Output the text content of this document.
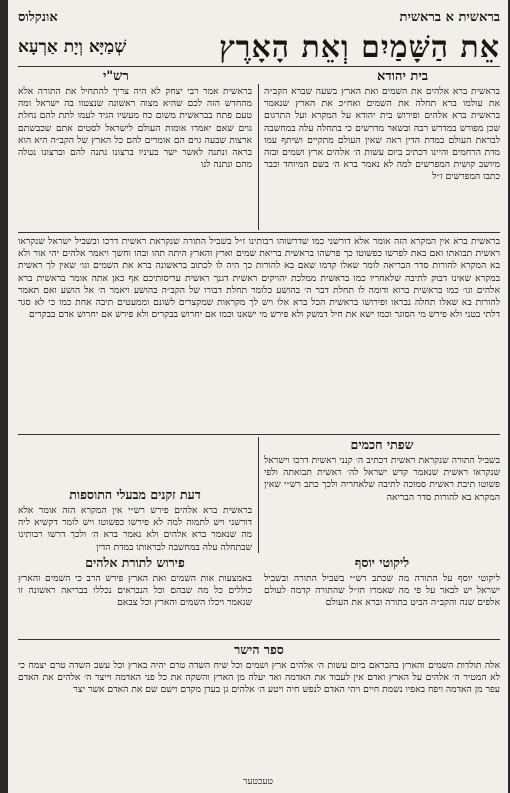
בראשית א בראשית
אונקלוס
אֵת הַשָּׁמַיִם וְאֵת הָאָרֶץ
שְׁמַיָּא וְיָת אַרְעָא
בית יהודא
רש"י
בראשית ברא אלהים את השמים ואת הארץ בשעה שברא הקב״ה את עולמו ברא תחלה את השמים ואח״כ את הארץ שנאמר בראשית ברא אלהים ופירוש בית יהודא על המקרא ועל התרגום שכן מפורש במדרש רבה ובשאר מדרשים כי בתחלה עלה במחשבה לבראת העולם במדת הדין ראה שאין העולם מתקיים ושיתף עמו מדת הרחמים והיינו דכתיב ביום עשות ה׳ אלהים ארץ ושמים ובזה מיושב קושית המפרשים למה לא נאמר ברא ה׳ בשם המיוחד וכבר כתבו המפרשים ז״ל
בראשית אמר רבי יצחק לא היה צריך להתחיל את התורה אלא מהחדש הזה לכם שהיא מצוה ראשונה שנצטוו בה ישראל ומה טעם פתח בבראשית משום כח מעשיו הגיד לעמו לתת להם נחלת גוים שאם יאמרו אומות העולם לישראל לסטים אתם שכבשתם ארצות שבעה גוים הם אומרים להם כל הארץ של הקב״ה היא הוא בראה ונתנה לאשר ישר בעיניו ברצונו נתנה להם וברצונו נטלה מהם ונתנה לנו
בראשית ברא אין המקרא הזה אומר אלא דורשני כמו שדרשוהו רבותינו ז״ל בשביל התורה שנקראת ראשית דרכו ובשביל ישראל שנקראו ראשית תבואתו ואם באת לפרשו כפשוטו כך פרשהו בראשית בריאת שמים וארץ והארץ היתה תהו ובהו וחשך ויאמר אלהים יהי אור ולא בא המקרא להורות סדר הבריאה לומר שאלו קדמו שאם בא להורות כך היה לו לכתוב בראשונה ברא את השמים וגו׳ שאין לך ראשית במקרא שאינו דבוק לתיבה שלאחריו כמו בראשית ממלכת יהויקים ראשית דגנך ראשית עריסותיכם אף כאן אתה אומר בראשית ברא אלהים וגו׳ כמו בראשית ברוא ודומה לו תחלת דבר ה׳ בהושע כלומר תחלת דבורו של הקב״ה בהושע ויאמר ה׳ אל הושע ואם תאמר להורות בא שאלו תחלה נבראו ופירושו בראשית הכל ברא אלו ויש לך מקראות שמקצרים לשונם וממעטים תיבה אחת כמו כי לא סגר דלתי בטני ולא פירש מי הסוגר וכמו ישא את חיל דמשק ולא פירש מי ישאנו וכמו אם יחרוש בבקרים ולא פירש אם יחרוש אדם בבקרים
שפתי חכמים
דעת זקנים מבעלי התוספות
בשביל התורה שנקראת ראשית דכתיב ה׳ קנני ראשית דרכו וישראל שנקראו ראשית שנאמר קדש ישראל לה׳ ראשית תבואתה ולפי פשוטו תיבת ראשית סמוכה לתיבה שלאחריה ולכך כתב רש״י שאין המקרא בא להורות סדר הבריאה
בראשית ברא אלהים פירש רש״י אין המקרא הזה אומר אלא דורשני ויש לתמוה למה לא פירשו כפשוטו ויש לומר דקשיא ליה מה שנאמר ברא אלהים ולא נאמר ברא ה׳ ולכך דרשו רבותינו שבתחלה עלה במחשבה לבראותו במדת הדין
ליקוטי יוסף
פירוש לתורת אלהים
ליקוטי יוסף על התורה מה שכתב רש״י בשביל התורה ובשביל ישראל יש לבאר על פי מה שאמרו חז״ל שהתורה קדמה לעולם אלפים שנה והקב״ה הביט בתורה וברא את העולם
באמצעות אות השמים ואת הארץ פירש הרב כי השמים והארץ כוללים כל מה שבהם וכל הנבראים נכללו בבריאה ראשונה זו שנאמר ויכלו השמים והארץ וכל צבאם
ספר הישר
אלה תולדות השמים והארץ בהבראם ביום עשות ה׳ אלהים ארץ ושמים וכל שיח השדה טרם יהיה בארץ וכל עשב השדה טרם יצמח כי לא המטיר ה׳ אלהים על הארץ ואדם אין לעבוד את האדמה ואד יעלה מן הארץ והשקה את כל פני האדמה וייצר ה׳ אלהים את האדם עפר מן האדמה ויפח באפיו נשמת חיים ויהי האדם לנפש חיה ויטע ה׳ אלהים גן בעדן מקדם וישם שם את האדם אשר יצר
טעכטער
